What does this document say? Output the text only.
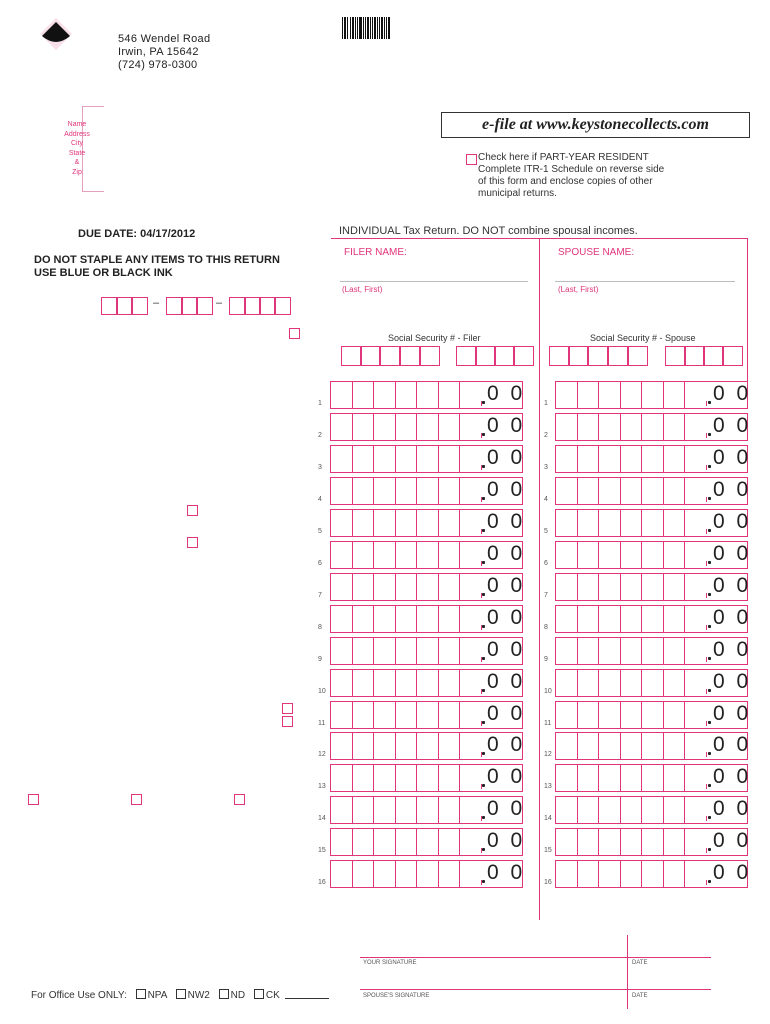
546 Wendel Road
Irwin, PA 15642
(724) 978-0300
Name
Address
City
State
&
Zip
e-file at www.keystonecollects.com
Check here if PART-YEAR RESIDENT
Complete ITR-1 Schedule on reverse side
of this form and enclose copies of other
municipal returns.
DUE DATE: 04/17/2012
DO NOT STAPLE ANY ITEMS TO THIS RETURN
USE BLUE OR BLACK INK
–	–
INDIVIDUAL Tax Return. DO NOT combine spousal incomes.
FILER NAME:	SPOUSE NAME:
(Last, First)	(Last, First)
Social Security # - Filer	Social Security # - Spouse
1	0 0	1	0 0
2	0 0	2	0 0
3	0 0	3	0 0
4	0 0	4	0 0
5	0 0	5	0 0
6	0 0	6	0 0
7	0 0	7	0 0
8	0 0	8	0 0
9	0 0	9	0 0
10	0 0	10	0 0
11	0 0	11	0 0
12	0 0	12	0 0
13	0 0	13	0 0
14	0 0	14	0 0
15	0 0	15	0 0
16	0 0	16	0 0
YOUR SIGNATURE	DATE
SPOUSE'S SIGNATURE	DATE
For Office Use ONLY: NPA NW2 ND CK
